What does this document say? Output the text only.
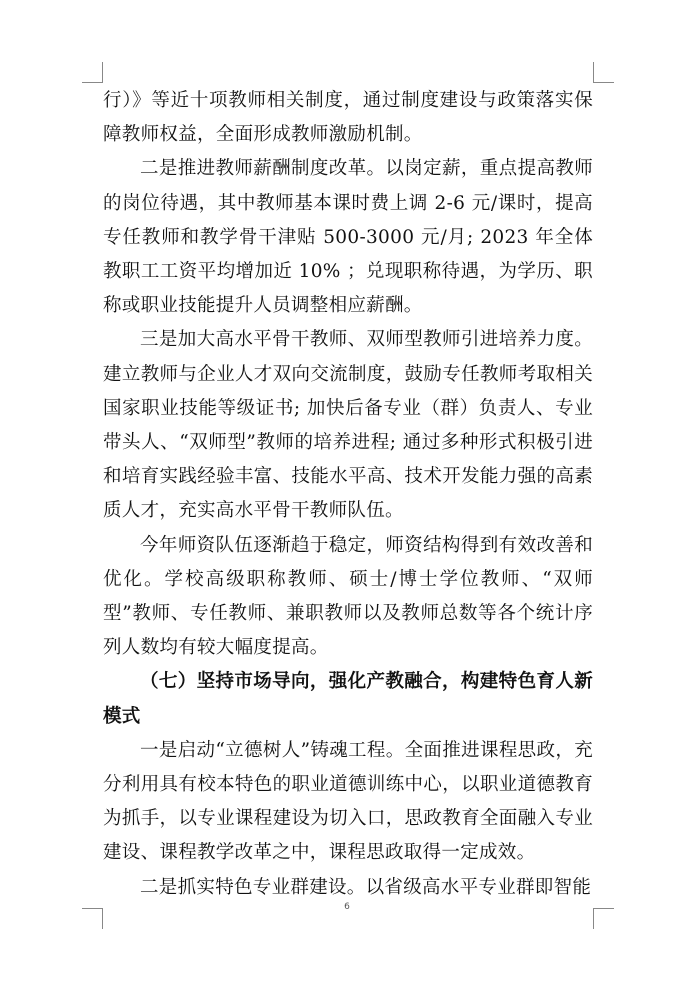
行）》等近十项教师相关制度，通过制度建设与政策落实保障教师权益，全面形成教师激励机制。

二是推进教师薪酬制度改革。以岗定薪，重点提高教师的岗位待遇，其中教师基本课时费上调 2-6 元/课时，提高专任教师和教学骨干津贴 500-3000 元/月; 2023 年全体教职工工资平均增加近 10% ；兑现职称待遇，为学历、职称或职业技能提升人员调整相应薪酬。

三是加大高水平骨干教师、双师型教师引进培养力度。建立教师与企业人才双向交流制度，鼓励专任教师考取相关国家职业技能等级证书; 加快后备专业（群）负责人、专业带头人、“双师型”教师的培养进程; 通过多种形式积极引进和培育实践经验丰富、技能水平高、技术开发能力强的高素质人才，充实高水平骨干教师队伍。

今年师资队伍逐渐趋于稳定，师资结构得到有效改善和优化。学校高级职称教师、硕士/博士学位教师、“双师型”教师、专任教师、兼职教师以及教师总数等各个统计序列人数均有较大幅度提高。

（七）坚持市场导向，强化产教融合，构建特色育人新模式

一是启动“立德树人”铸魂工程。全面推进课程思政，充分利用具有校本特色的职业道德训练中心，以职业道德教育为抓手，以专业课程建设为切入口，思政教育全面融入专业建设、课程教学改革之中，课程思政取得一定成效。

二是抓实特色专业群建设。以省级高水平专业群即智能

6
